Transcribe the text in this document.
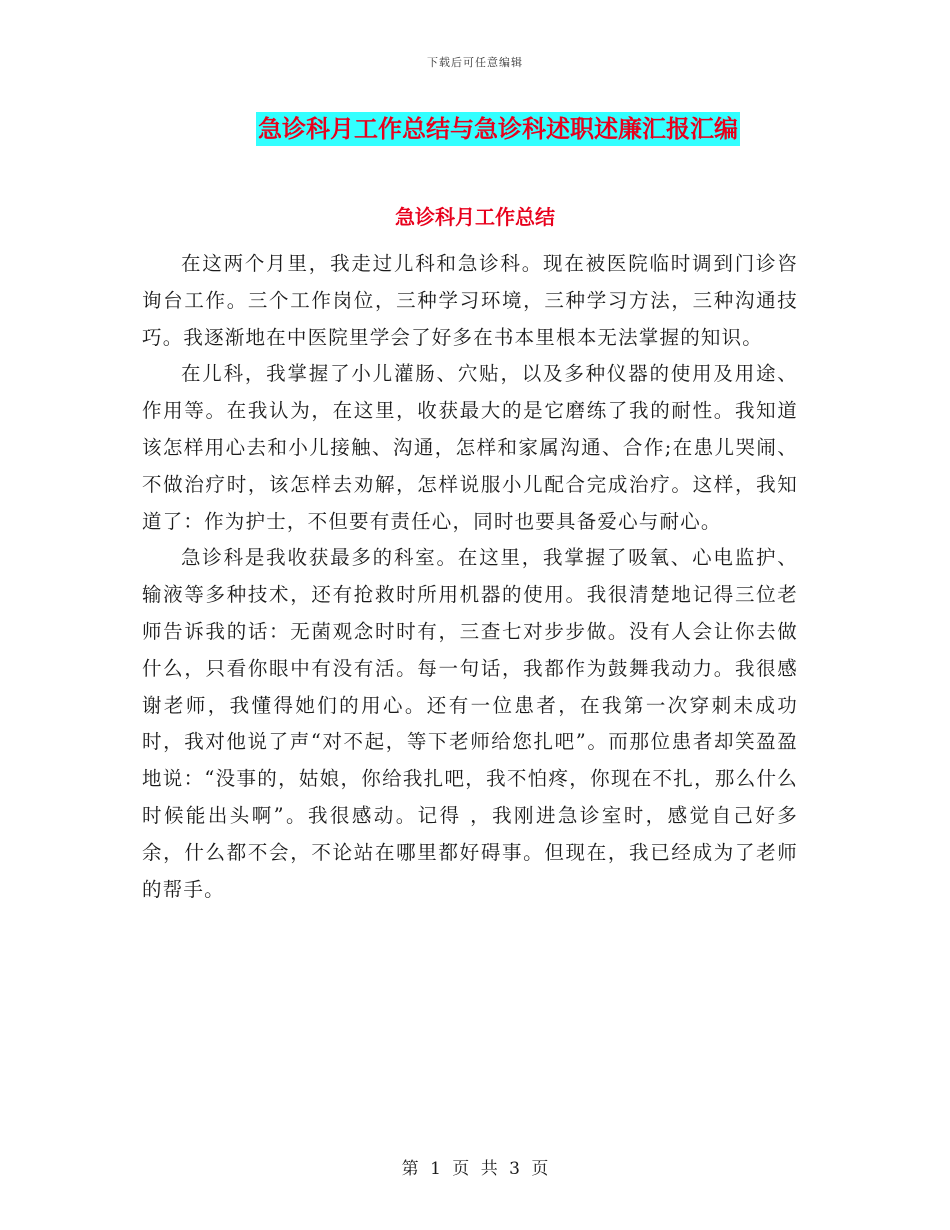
下载后可任意编辑
急诊科月工作总结与急诊科述职述廉汇报汇编
急诊科月工作总结

在这两个月里，我走过儿科和急诊科。现在被医院临时调到门诊咨询台工作。三个工作岗位，三种学习环境，三种学习方法，三种沟通技巧。我逐渐地在中医院里学会了好多在书本里根本无法掌握的知识。

在儿科，我掌握了小儿灌肠、穴贴，以及多种仪器的使用及用途、作用等。在我认为，在这里，收获最大的是它磨练了我的耐性。我知道该怎样用心去和小儿接触、沟通，怎样和家属沟通、合作;在患儿哭闹、不做治疗时，该怎样去劝解，怎样说服小儿配合完成治疗。这样，我知道了：作为护士，不但要有责任心，同时也要具备爱心与耐心。

急诊科是我收获最多的科室。在这里，我掌握了吸氧、心电监护、输液等多种技术，还有抢救时所用机器的使用。我很清楚地记得三位老师告诉我的话：无菌观念时时有，三查七对步步做。没有人会让你去做什么，只看你眼中有没有活。每一句话，我都作为鼓舞我动力。我很感谢老师，我懂得她们的用心。还有一位患者，在我第一次穿刺未成功时，我对他说了声“对不起，等下老师给您扎吧”。而那位患者却笑盈盈地说：“没事的，姑娘，你给我扎吧，我不怕疼，你现在不扎，那么什么时候能出头啊”。我很感动。记得 ，我刚进急诊室时，感觉自己好多余，什么都不会，不论站在哪里都好碍事。但现在，我已经成为了老师的帮手。

第 1 页 共 3 页
